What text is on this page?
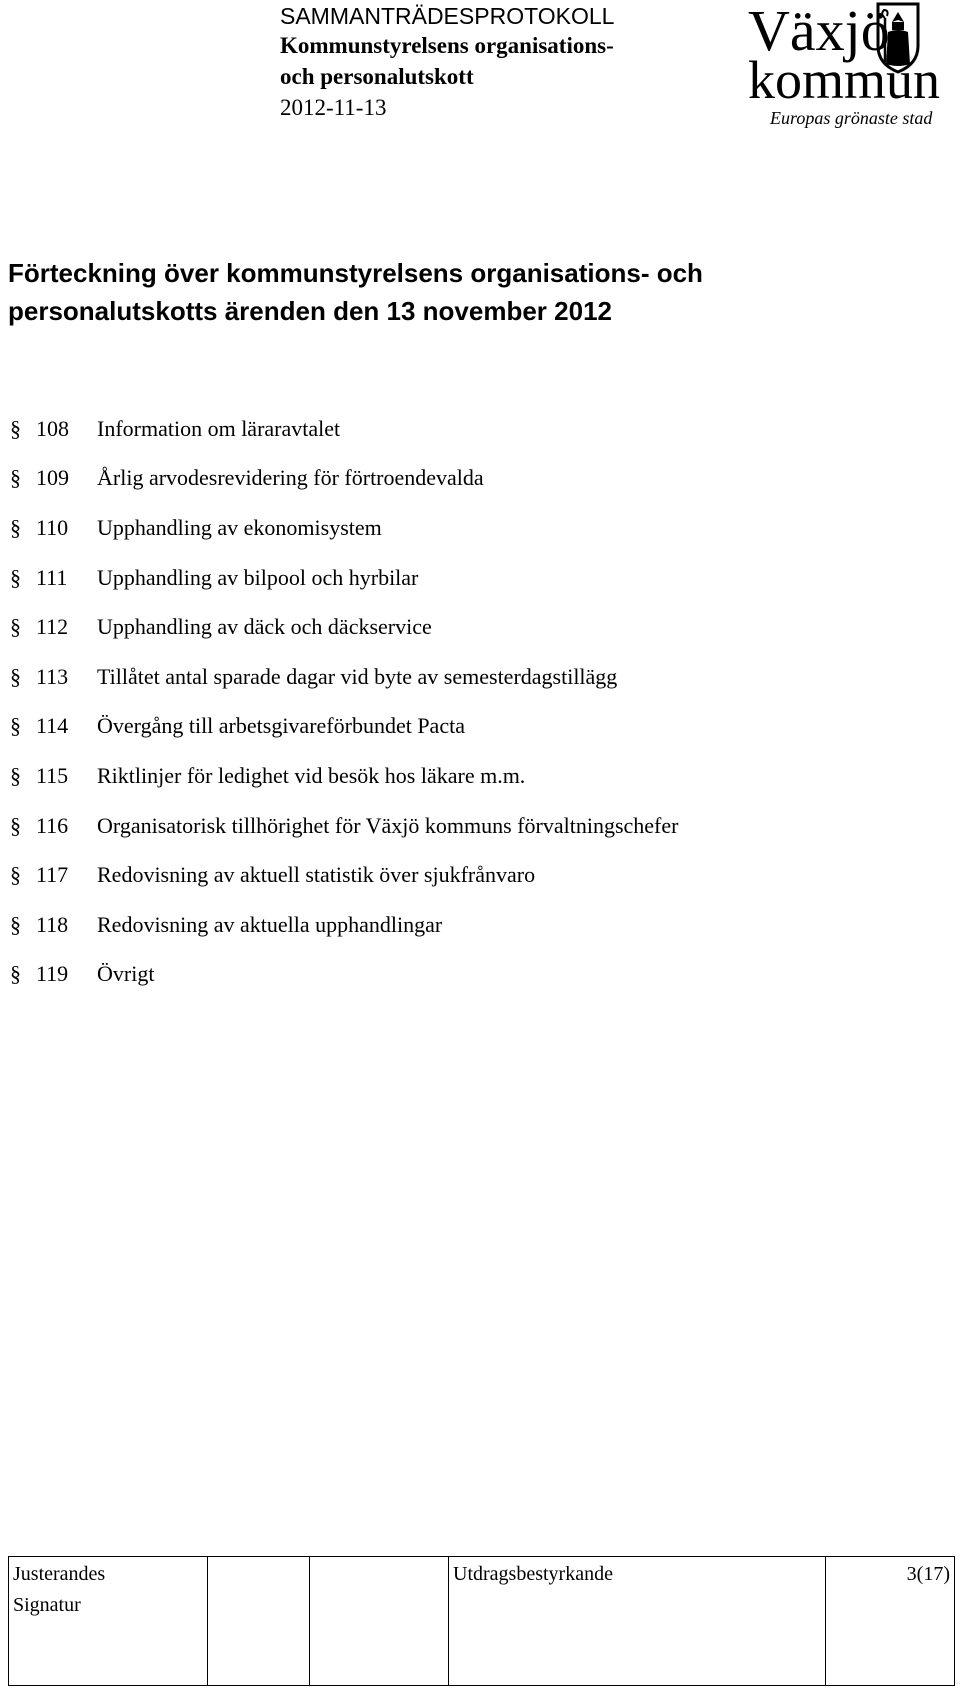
SAMMANTRÄDESPROTOKOLL

Kommunstyrelsens organisations-

och personalutskott

2012-11-13

Växjö
kommun
Europas grönaste stad
Förteckning över kommunstyrelsens organisations- och
personalutskotts ärenden den 13 november 2012
§ 108	Information om läraravtalet
§ 109	Årlig arvodesrevidering för förtroendevalda
§ 110	Upphandling av ekonomisystem
§ 111	Upphandling av bilpool och hyrbilar
§ 112	Upphandling av däck och däckservice
§ 113	Tillåtet antal sparade dagar vid byte av semesterdagstillägg
§ 114	Övergång till arbetsgivareförbundet Pacta
§ 115	Riktlinjer för ledighet vid besök hos läkare m.m.
§ 116	Organisatorisk tillhörighet för Växjö kommuns förvaltningschefer
§ 117	Redovisning av aktuell statistik över sjukfrånvaro
§ 118	Redovisning av aktuella upphandlingar
§ 119	Övrigt
Justerandes
Signatur

Utdragsbestyrkande	3(17)
